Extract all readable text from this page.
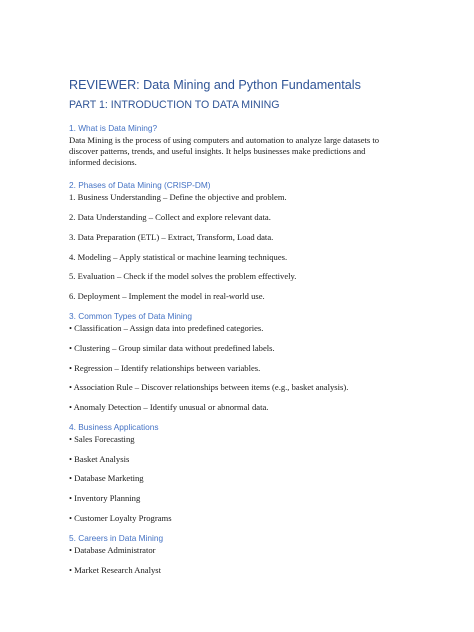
REVIEWER: Data Mining and Python Fundamentals
PART 1: INTRODUCTION TO DATA MINING
1. What is Data Mining?
Data Mining is the process of using computers and automation to analyze large datasets to
discover patterns, trends, and useful insights. It helps businesses make predictions and
informed decisions.
2. Phases of Data Mining (CRISP-DM)
1. Business Understanding – Define the objective and problem.
2. Data Understanding – Collect and explore relevant data.
3. Data Preparation (ETL) – Extract, Transform, Load data.
4. Modeling – Apply statistical or machine learning techniques.
5. Evaluation – Check if the model solves the problem effectively.
6. Deployment – Implement the model in real-world use.
3. Common Types of Data Mining
• Classification – Assign data into predefined categories.
• Clustering – Group similar data without predefined labels.
• Regression – Identify relationships between variables.
• Association Rule – Discover relationships between items (e.g., basket analysis).
• Anomaly Detection – Identify unusual or abnormal data.
4. Business Applications
• Sales Forecasting
• Basket Analysis
• Database Marketing
• Inventory Planning
• Customer Loyalty Programs
5. Careers in Data Mining
• Database Administrator
• Market Research Analyst
